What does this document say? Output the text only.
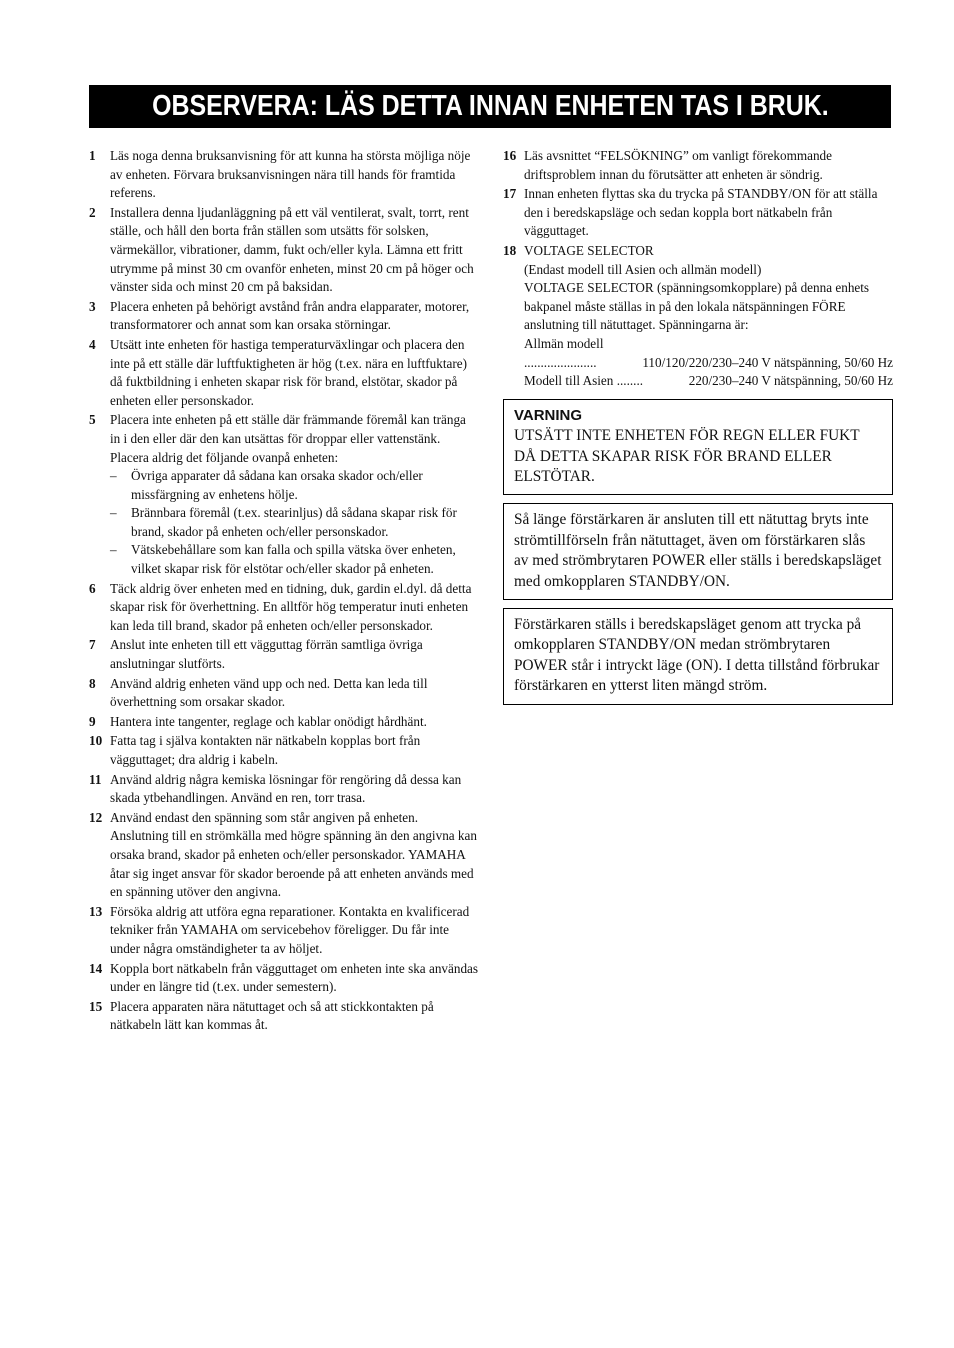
OBSERVERA: LÄS DETTA INNAN ENHETEN TAS I BRUK.
1	Läs noga denna bruksanvisning för att kunna ha största möjliga nöje av enheten. Förvara bruksanvisningen nära till hands för framtida referens.
2	Installera denna ljudanläggning på ett väl ventilerat, svalt, torrt, rent ställe, och håll den borta från ställen som utsätts för solsken, värmekällor, vibrationer, damm, fukt och/eller kyla. Lämna ett fritt utrymme på minst 30 cm ovanför enheten, minst 20 cm på höger och vänster sida och minst 20 cm på baksidan.
3	Placera enheten på behörigt avstånd från andra elapparater, motorer, transformatorer och annat som kan orsaka störningar.
4	Utsätt inte enheten för hastiga temperaturväxlingar och placera den inte på ett ställe där luftfuktigheten är hög (t.ex. nära en luftfuktare) då fuktbildning i enheten skapar risk för brand, elstötar, skador på enheten eller personskador.
5	Placera inte enheten på ett ställe där främmande föremål kan tränga in i den eller där den kan utsättas för droppar eller vattenstänk. Placera aldrig det följande ovanpå enheten:
–	Övriga apparater då sådana kan orsaka skador och/eller missfärgning av enhetens hölje.
–	Brännbara föremål (t.ex. stearinljus) då sådana skapar risk för brand, skador på enheten och/eller personskador.
–	Vätskebehållare som kan falla och spilla vätska över enheten, vilket skapar risk för elstötar och/eller skador på enheten.
6	Täck aldrig över enheten med en tidning, duk, gardin el.dyl. då detta skapar risk för överhettning. En alltför hög temperatur inuti enheten kan leda till brand, skador på enheten och/eller personskador.
7	Anslut inte enheten till ett vägguttag förrän samtliga övriga anslutningar slutförts.
8	Använd aldrig enheten vänd upp och ned. Detta kan leda till överhettning som orsakar skador.
9	Hantera inte tangenter, reglage och kablar onödigt hårdhänt.
10 Fatta tag i själva kontakten när nätkabeln kopplas bort från vägguttaget; dra aldrig i kabeln.
11 Använd aldrig några kemiska lösningar för rengöring då dessa kan skada ytbehandlingen. Använd en ren, torr trasa.
12 Använd endast den spänning som står angiven på enheten. Anslutning till en strömkälla med högre spänning än den angivna kan orsaka brand, skador på enheten och/eller personskador. YAMAHA åtar sig inget ansvar för skador beroende på att enheten används med en spänning utöver den angivna.
13 Försöka aldrig att utföra egna reparationer. Kontakta en kvalificerad tekniker från YAMAHA om servicebehov föreligger. Du får inte under några omständigheter ta av höljet.
14 Koppla bort nätkabeln från vägguttaget om enheten inte ska användas under en längre tid (t.ex. under semestern).
15 Placera apparaten nära nätuttaget och så att stickkontakten på nätkabeln lätt kan kommas åt.
16 Läs avsnittet “FELSÖKNING” om vanligt förekommande driftsproblem innan du förutsätter att enheten är söndrig.
17 Innan enheten flyttas ska du trycka på STANDBY/ON för att ställa den i beredskapsläge och sedan koppla bort nätkabeln från vägguttaget.
18 VOLTAGE SELECTOR
(Endast modell till Asien och allmän modell)
VOLTAGE SELECTOR (spänningsomkopplare) på denna enhets bakpanel måste ställas in på den lokala nätspänningen FÖRE anslutning till nätuttaget. Spänningarna är:
Allmän modell
......................	110/120/220/230–240 V nätspänning, 50/60 Hz
Modell till Asien ........	220/230–240 V nätspänning, 50/60 Hz
VARNING
UTSÄTT INTE ENHETEN FÖR REGN ELLER FUKT DÅ DETTA SKAPAR RISK FÖR BRAND ELLER ELSTÖTAR.
Så länge förstärkaren är ansluten till ett nätuttag bryts inte strömtillförseln från nätuttaget, även om förstärkaren slås av med strömbrytaren POWER eller ställs i beredskapsläget med omkopplaren STANDBY/ON.
Förstärkaren ställs i beredskapsläget genom att trycka på omkopplaren STANDBY/ON medan strömbrytaren POWER står i intryckt läge (ON). I detta tillstånd förbrukar förstärkaren en ytterst liten mängd ström.
